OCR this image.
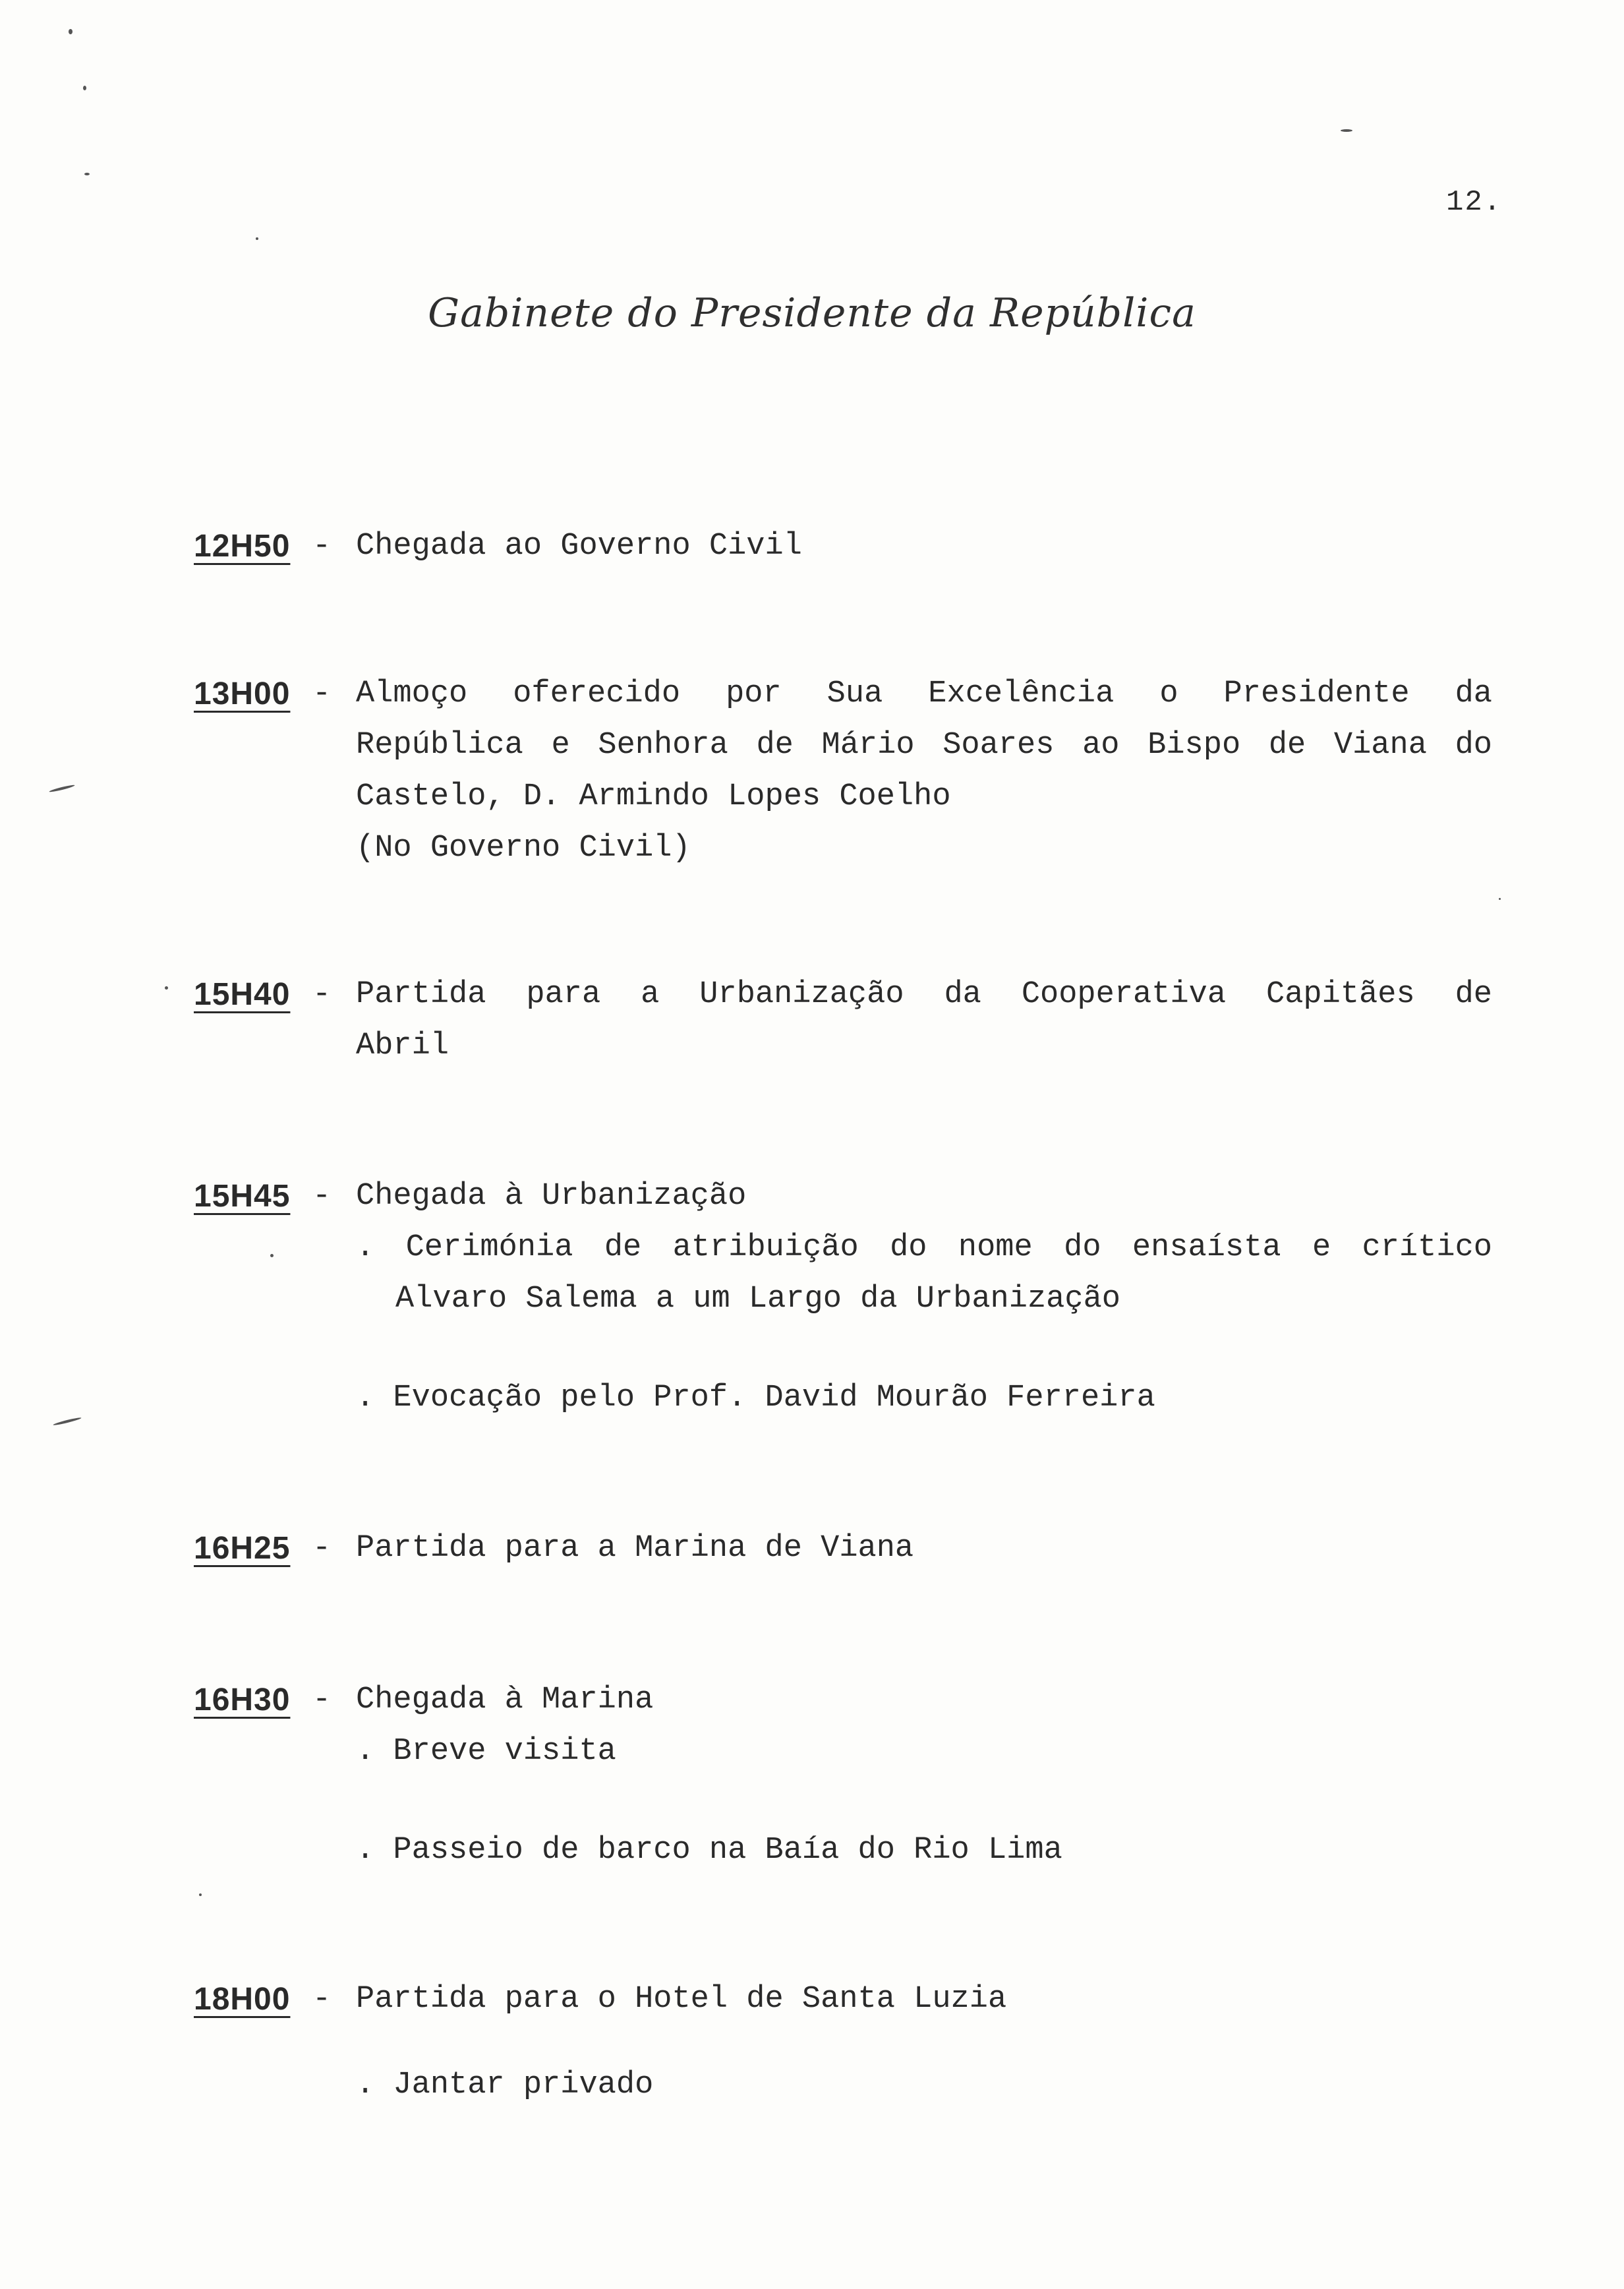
12.
Gabinete do Presidente da República
12H50 - Chegada ao Governo Civil
13H00 - Almoço oferecido por Sua Excelência o Presidente da
República e Senhora de Mário Soares ao Bispo de Viana do
Castelo, D. Armindo Lopes Coelho
(No Governo Civil)
15H40 - Partida para a Urbanização da Cooperativa Capitães de
Abril
15H45 - Chegada à Urbanização
. Cerimónia de atribuição do nome do ensaísta e crítico
Alvaro Salema a um Largo da Urbanização
. Evocação pelo Prof. David Mourão Ferreira
16H25 - Partida para a Marina de Viana
16H30 - Chegada à Marina
. Breve visita
. Passeio de barco na Baía do Rio Lima
18H00 - Partida para o Hotel de Santa Luzia
. Jantar privado
